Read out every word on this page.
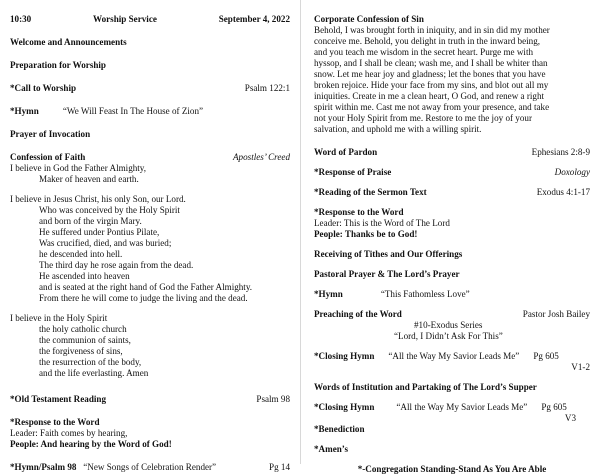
10:30	Worship Service	September 4, 2022
Welcome and Announcements
Preparation for Worship
*Call to Worship	Psalm 122:1
*Hymn	“We Will Feast In The House of Zion”
Prayer of Invocation
Confession of Faith	Apostles’ Creed
I believe in God the Father Almighty,
Maker of heaven and earth.
I believe in Jesus Christ, his only Son, our Lord.
Who was conceived by the Holy Spirit
and born of the virgin Mary.
He suffered under Pontius Pilate,
Was crucified, died, and was buried;
he descended into hell.
The third day he rose again from the dead.
He ascended into heaven
and is seated at the right hand of God the Father Almighty.
From there he will come to judge the living and the dead.
I believe in the Holy Spirit
the holy catholic church
the communion of saints,
the forgiveness of sins,
the resurrection of the body,
and the life everlasting. Amen
*Old Testament Reading	Psalm 98
*Response to the Word
Leader: Faith comes by hearing,
People: And hearing by the Word of God!
*Hymn/Psalm 98 “New Songs of Celebration Render”	Pg 14
Corporate Confession of Sin
Behold, I was brought forth in iniquity, and in sin did my mother
conceive me. Behold, you delight in truth in the inward being,
and you teach me wisdom in the secret heart. Purge me with
hyssop, and I shall be clean; wash me, and I shall be whiter than
snow. Let me hear joy and gladness; let the bones that you have
broken rejoice. Hide your face from my sins, and blot out all my
iniquities. Create in me a clean heart, O God, and renew a right
spirit within me. Cast me not away from your presence, and take
not your Holy Spirit from me. Restore to me the joy of your
salvation, and uphold me with a willing spirit.
Word of Pardon	Ephesians 2:8-9
*Response of Praise	Doxology
*Reading of the Sermon Text	Exodus 4:1-17
*Response to the Word
Leader: This is the Word of The Lord
People: Thanks be to God!
Receiving of Tithes and Our Offerings
Pastoral Prayer & The Lord’s Prayer
*Hymn	“This Fathomless Love”
Preaching of the Word	Pastor Josh Bailey
#10-Exodus Series
“Lord, I Didn’t Ask For This”
*Closing Hymn “All the Way My Savior Leads Me” Pg 605
V1-2
Words of Institution and Partaking of The Lord’s Supper
*Closing Hymn “All the Way My Savior Leads Me” Pg 605
V3
*Benediction
*Amen’s
*-Congregation Standing-Stand As You Are Able
